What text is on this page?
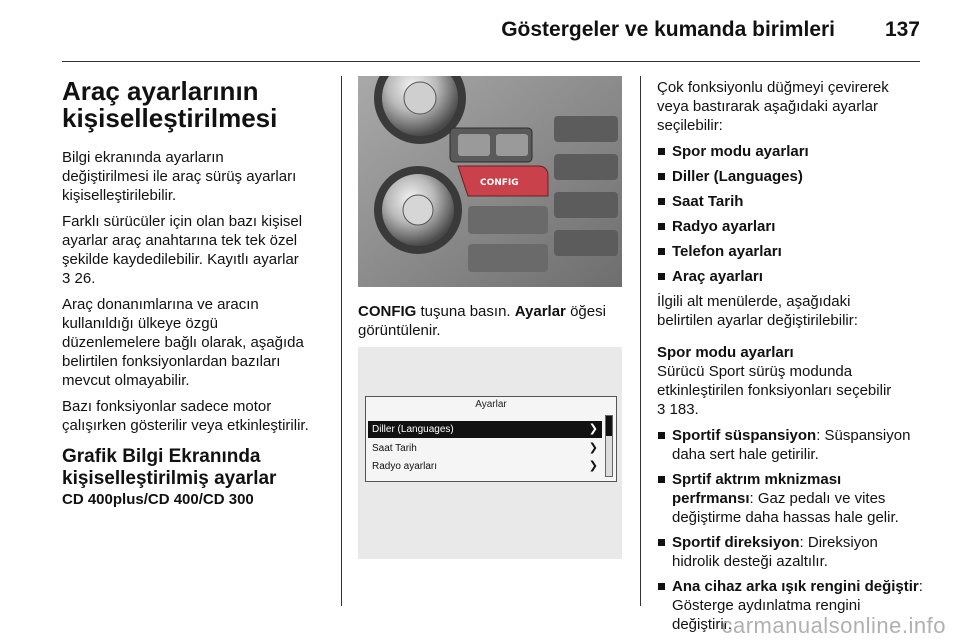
Göstergeler ve kumanda birimleri 137
Araç ayarlarının
kişiselleştirilmesi

Bilgi ekranında ayarların
değiştirilmesi ile araç sürüş ayarları
kişiselleştirilebilir.

Farklı sürücüler için olan bazı kişisel
ayarlar araç anahtarına tek tek özel
şekilde kaydedilebilir. Kayıtlı ayarlar
3 26.

Araç donanımlarına ve aracın
kullanıldığı ülkeye özgü
düzenlemelere bağlı olarak, aşağıda
belirtilen fonksiyonlardan bazıları
mevcut olmayabilir.

Bazı fonksiyonlar sadece motor
çalışırken gösterilir veya etkinleştirilir.

Grafik Bilgi Ekranında
kişiselleştirilmiş ayarlar
CD 400plus/CD 400/CD 300
CONFIG
CONFIG tuşuna basın. Ayarlar öğesi
görüntülenir.
Ayarlar
Diller (Languages)	❯
Saat Tarih	❯
Radyo ayarları	❯

Çok fonksiyonlu düğmeyi çevirerek
veya bastırarak aşağıdaki ayarlar
seçilebilir:

Spor modu ayarları
Diller (Languages)
Saat Tarih
Radyo ayarları
Telefon ayarları
Araç ayarları

İlgili alt menülerde, aşağıdaki
belirtilen ayarlar değiştirilebilir:

Spor modu ayarları

Sürücü Sport sürüş modunda
etkinleştirilen fonksiyonları seçebilir
3 183.

Sportif süspansiyon: Süspansiyon
daha sert hale getirilir.
Sprtif aktrım mknizması
perfrmansı: Gaz pedalı ve vites
değiştirme daha hassas hale gelir.
Sportif direksiyon: Direksiyon
hidrolik desteği azaltılır.
Ana cihaz arka ışık rengini değiştir:
Gösterge aydınlatma rengini
değiştirir.
carmanualsonline.info
